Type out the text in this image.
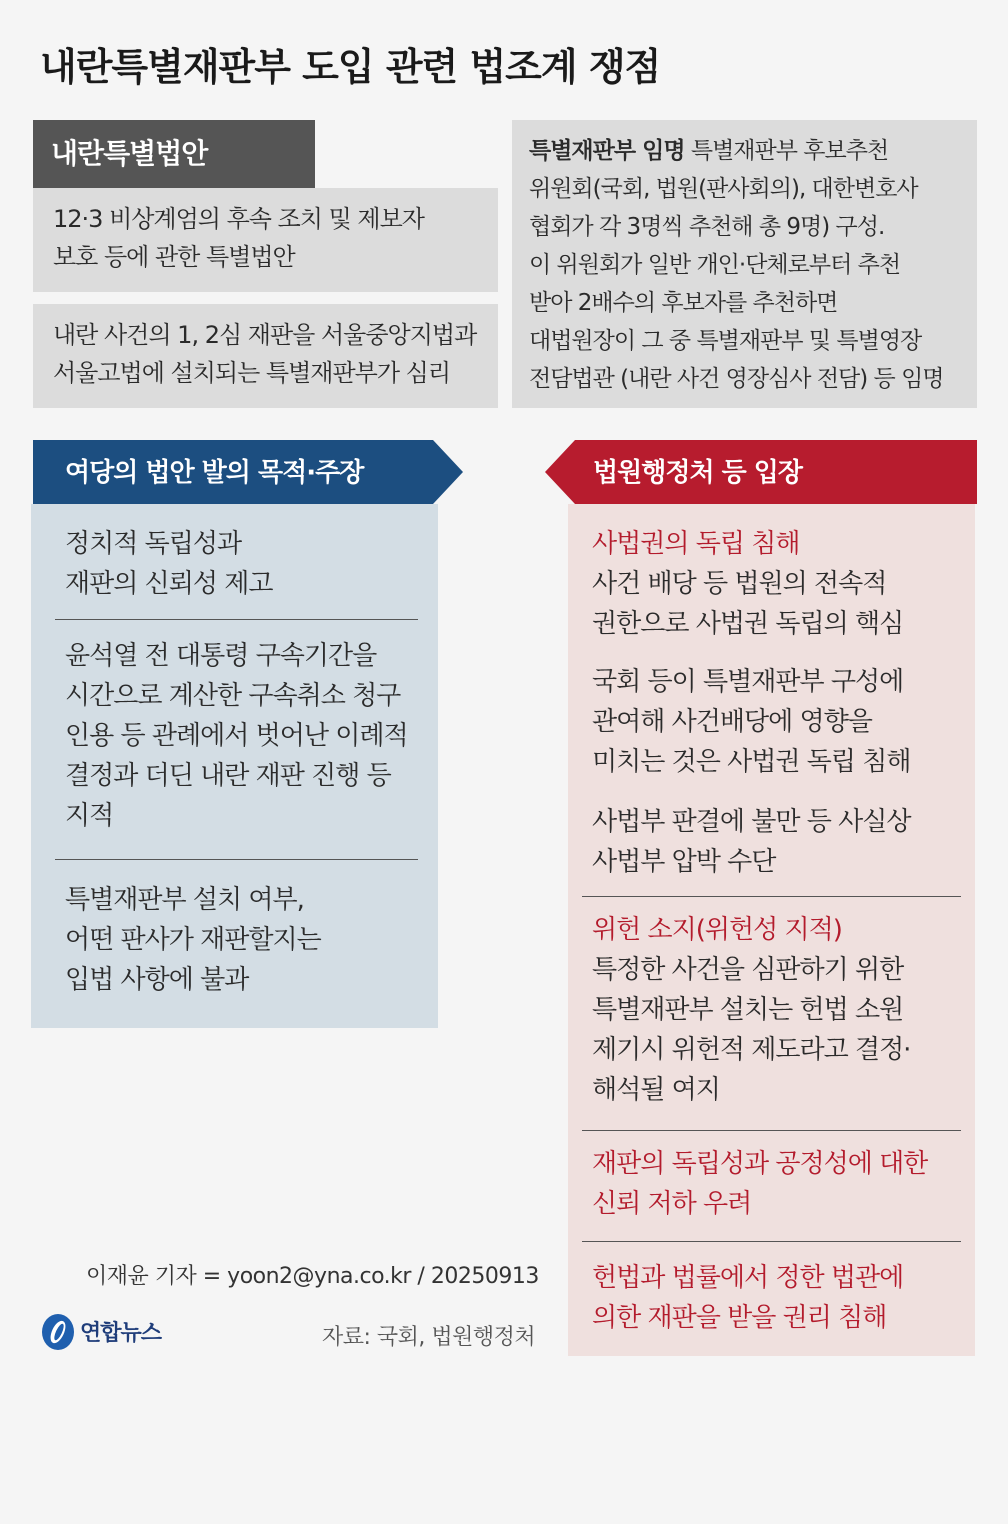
내란특별재판부 도입 관련 법조계 쟁점
내란특별법안
12·3 비상계엄의 후속 조치 및 제보자
보호 등에 관한 특별법안
내란 사건의 1, 2심 재판을 서울중앙지법과
서울고법에 설치되는 특별재판부가 심리
특별재판부 임명 특별재판부 후보추천
위원회(국회, 법원(판사회의), 대한변호사
협회가 각 3명씩 추천해 총 9명) 구성.
이 위원회가 일반 개인·단체로부터 추천
받아 2배수의 후보자를 추천하면
대법원장이 그 중 특별재판부 및 특별영장
전담법관 (내란 사건 영장심사 전담) 등 임명
여당의 법안 발의 목적·주장	법원행정처 등 입장
정치적 독립성과
재판의 신뢰성 제고
윤석열 전 대통령 구속기간을
시간으로 계산한 구속취소 청구
인용 등 관례에서 벗어난 이례적
결정과 더딘 내란 재판 진행 등
지적
특별재판부 설치 여부,
어떤 판사가 재판할지는
입법 사항에 불과
사법권의 독립 침해
사건 배당 등 법원의 전속적
권한으로 사법권 독립의 핵심
국회 등이 특별재판부 구성에
관여해 사건배당에 영향을
미치는 것은 사법권 독립 침해
사법부 판결에 불만 등 사실상
사법부 압박 수단
위헌 소지(위헌성 지적)
특정한 사건을 심판하기 위한
특별재판부 설치는 헌법 소원
제기시 위헌적 제도라고 결정·
해석될 여지
재판의 독립성과 공정성에 대한
신뢰 저하 우려
헌법과 법률에서 정한 법관에
의한 재판을 받을 권리 침해
이재윤 기자 = yoon2@yna.co.kr / 20250913
연합뉴스	자료: 국회, 법원행정처
